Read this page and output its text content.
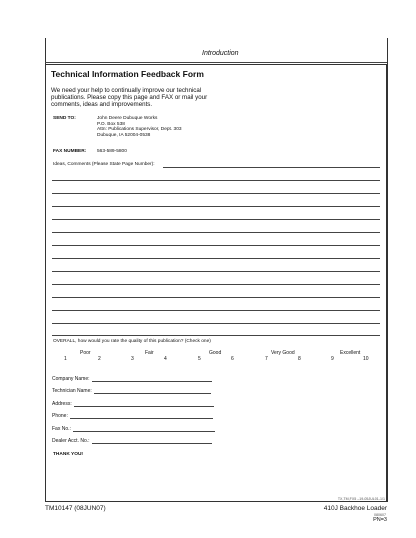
Introduction
Technical Information Feedback Form
We need your help to continually improve our technical
publications. Please copy this page and FAX or mail your
comments, ideas and improvements.
SEND TO:	John Deere Dubuque Works
P.O. Box 538
Attn: Publications Supervisor, Dept. 303
Dubuque, IA 52004-0538
FAX NUMBER: 563-589-5800
Ideas, Comments (Please State Page Number):
OVERALL, how would you rate the quality of this publication? (Check one)
Poor	Fair	Good	Very Good	Excellent
1	2	3	4	5	6	7	8	9	10
Company Name:
Technician Name:
Address:
Phone:
Fax No.:
Dealer Acct. No.:
THANK YOU!
TX,TM,FX5 –19-05JUL01-1/1
TM10147 (08JUN07)	410J Backhoe Loader
080607
PN=3
